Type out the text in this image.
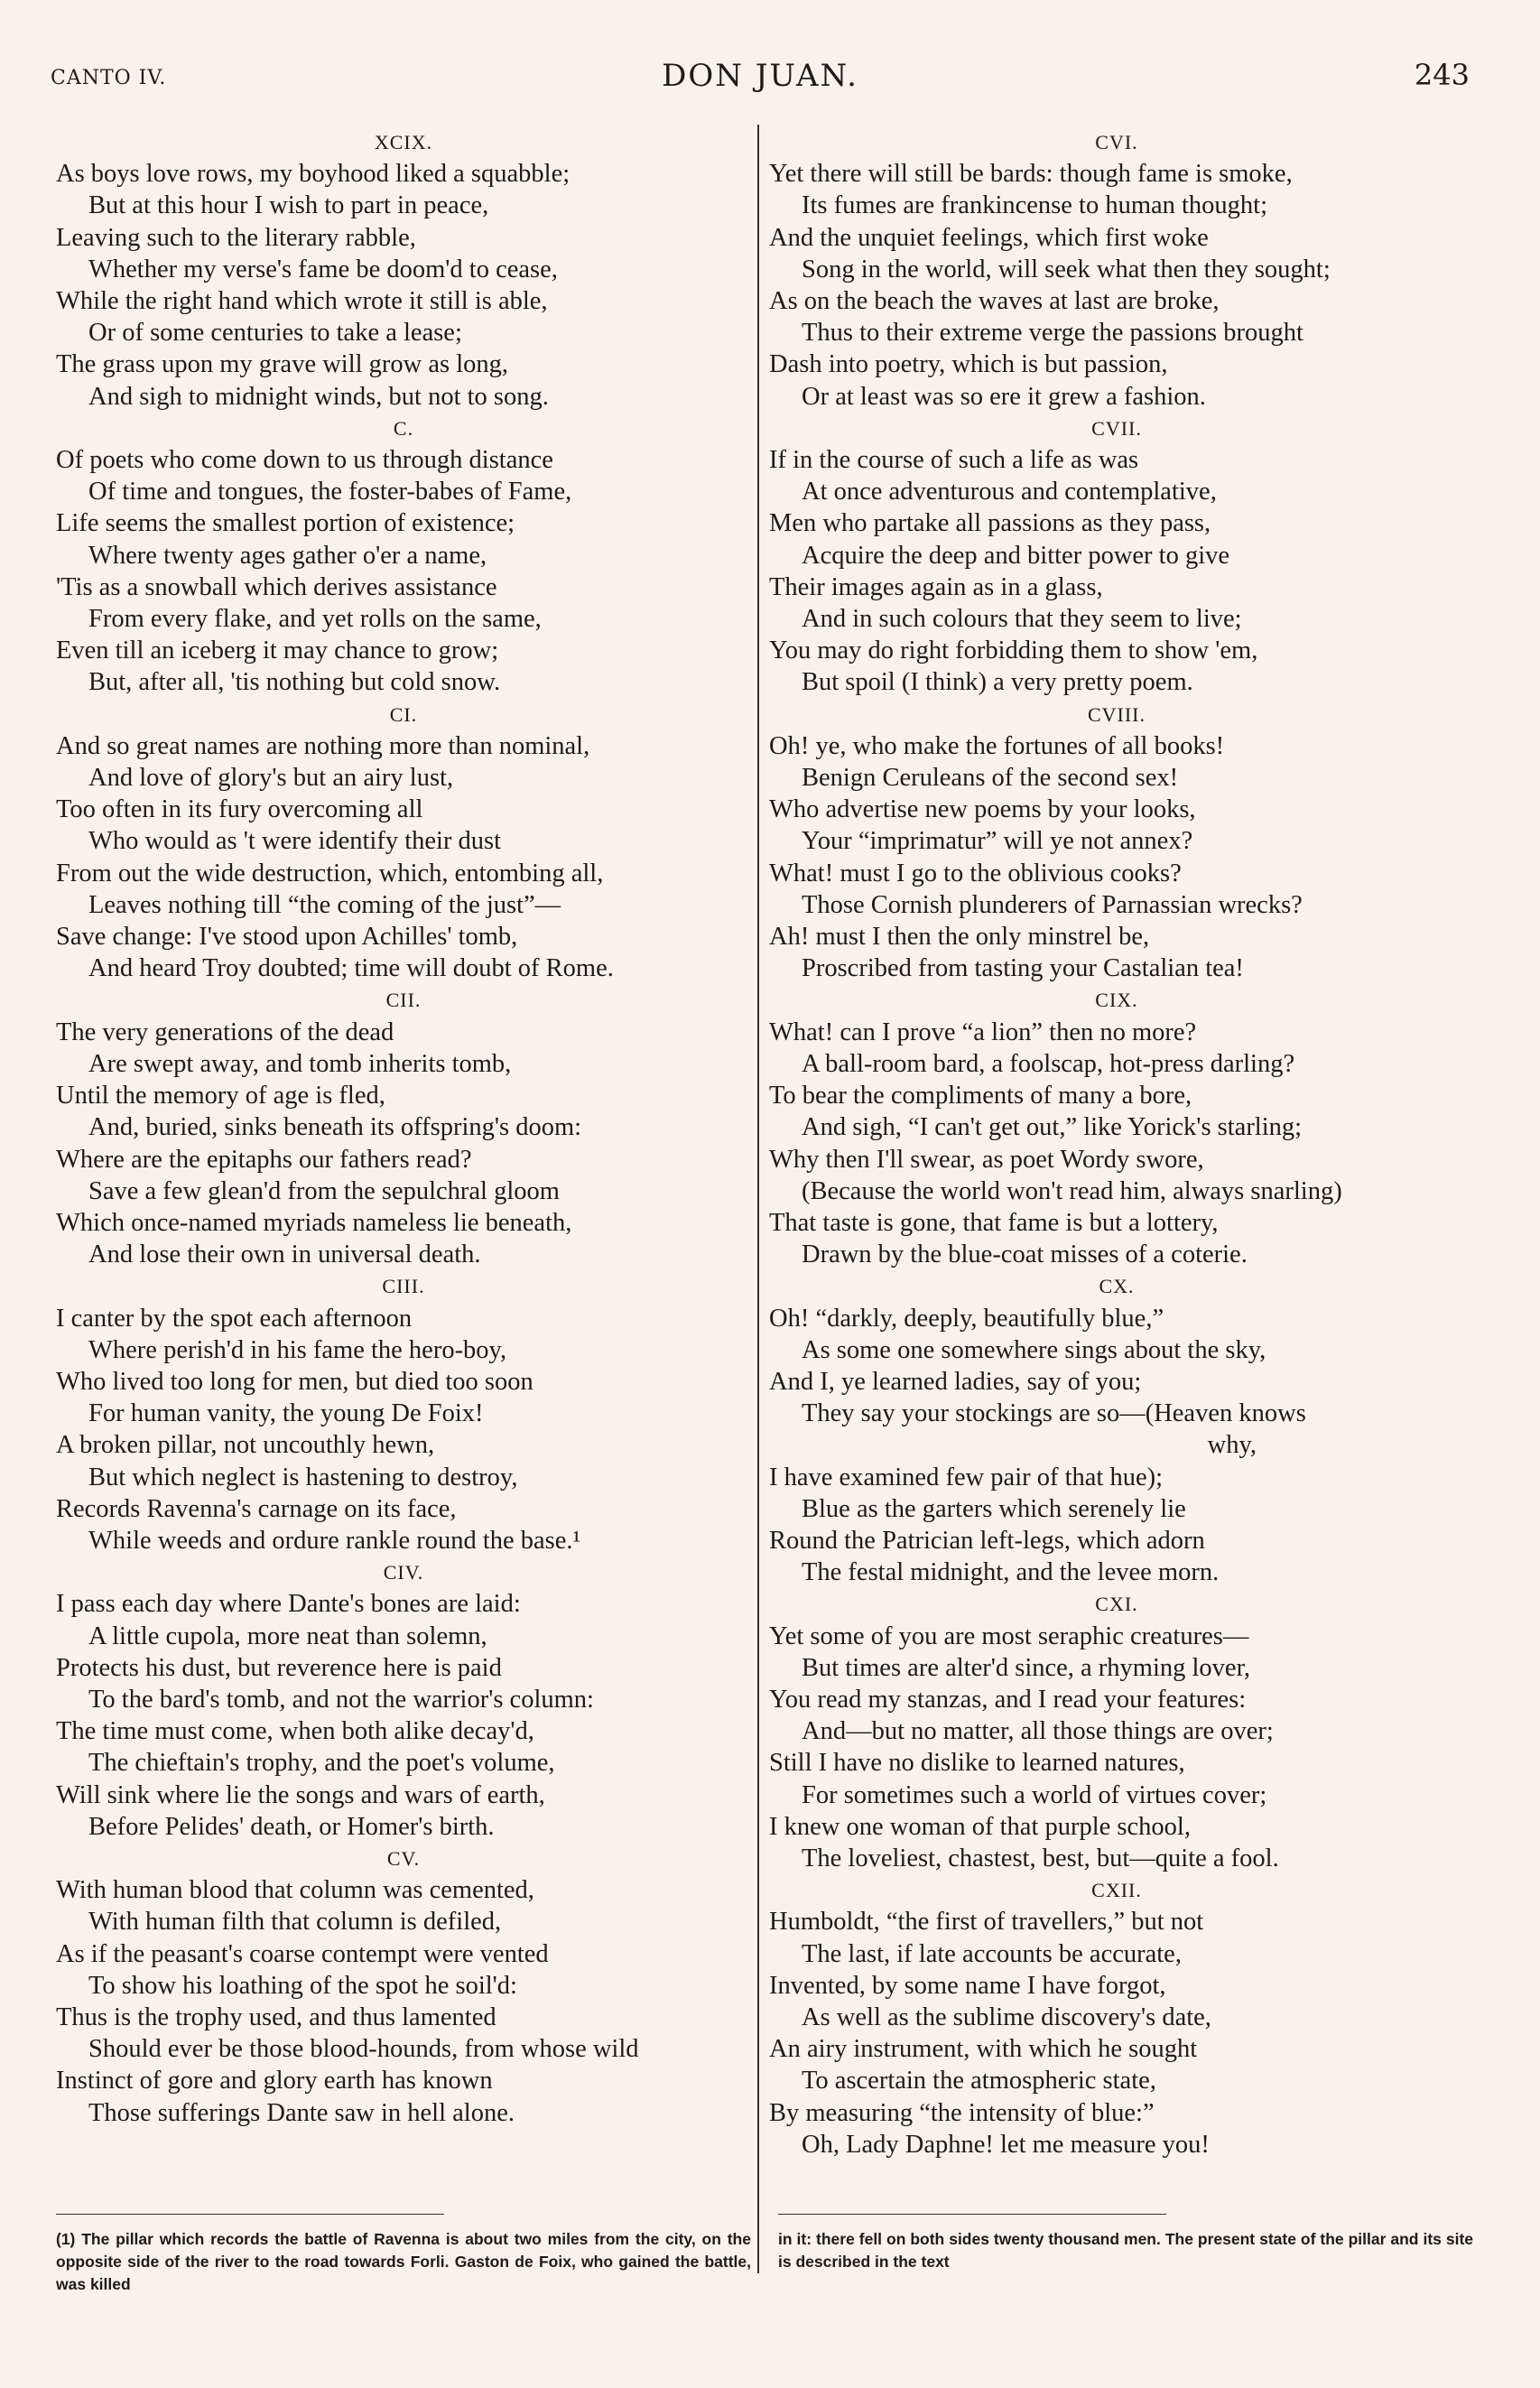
CANTO IV.	DON JUAN.	243
XCIX.
As boys love rows, my boyhood liked a squabble;
But at this hour I wish to part in peace,
Leaving such to the literary rabble,
Whether my verse's fame be doom'd to cease,
While the right hand which wrote it still is able,
Or of some centuries to take a lease;
The grass upon my grave will grow as long,
And sigh to midnight winds, but not to song.
C.
Of poets who come down to us through distance
Of time and tongues, the foster-babes of Fame,
Life seems the smallest portion of existence;
Where twenty ages gather o'er a name,
'Tis as a snowball which derives assistance
From every flake, and yet rolls on the same,
Even till an iceberg it may chance to grow;
But, after all, 'tis nothing but cold snow.
CI.
And so great names are nothing more than nominal,
And love of glory's but an airy lust,
Too often in its fury overcoming all
Who would as 't were identify their dust
From out the wide destruction, which, entombing all,
Leaves nothing till “the coming of the just”—
Save change: I've stood upon Achilles' tomb,
And heard Troy doubted; time will doubt of Rome.
CII.
The very generations of the dead
Are swept away, and tomb inherits tomb,
Until the memory of age is fled,
And, buried, sinks beneath its offspring's doom:
Where are the epitaphs our fathers read?
Save a few glean'd from the sepulchral gloom
Which once-named myriads nameless lie beneath,
And lose their own in universal death.
CIII.
I canter by the spot each afternoon
Where perish'd in his fame the hero-boy,
Who lived too long for men, but died too soon
For human vanity, the young De Foix!
A broken pillar, not uncouthly hewn,
But which neglect is hastening to destroy,
Records Ravenna's carnage on its face,
While weeds and ordure rankle round the base.¹
CIV.
I pass each day where Dante's bones are laid:
A little cupola, more neat than solemn,
Protects his dust, but reverence here is paid
To the bard's tomb, and not the warrior's column:
The time must come, when both alike decay'd,
The chieftain's trophy, and the poet's volume,
Will sink where lie the songs and wars of earth,
Before Pelides' death, or Homer's birth.
CV.
With human blood that column was cemented,
With human filth that column is defiled,
As if the peasant's coarse contempt were vented
To show his loathing of the spot he soil'd:
Thus is the trophy used, and thus lamented
Should ever be those blood-hounds, from whose wild
Instinct of gore and glory earth has known
Those sufferings Dante saw in hell alone.
CVI.
Yet there will still be bards: though fame is smoke,
Its fumes are frankincense to human thought;
And the unquiet feelings, which first woke
Song in the world, will seek what then they sought;
As on the beach the waves at last are broke,
Thus to their extreme verge the passions brought
Dash into poetry, which is but passion,
Or at least was so ere it grew a fashion.
CVII.
If in the course of such a life as was
At once adventurous and contemplative,
Men who partake all passions as they pass,
Acquire the deep and bitter power to give
Their images again as in a glass,
And in such colours that they seem to live;
You may do right forbidding them to show 'em,
But spoil (I think) a very pretty poem.
CVIII.
Oh! ye, who make the fortunes of all books!
Benign Ceruleans of the second sex!
Who advertise new poems by your looks,
Your “imprimatur” will ye not annex?
What! must I go to the oblivious cooks?
Those Cornish plunderers of Parnassian wrecks?
Ah! must I then the only minstrel be,
Proscribed from tasting your Castalian tea!
CIX.
What! can I prove “a lion” then no more?
A ball-room bard, a foolscap, hot-press darling?
To bear the compliments of many a bore,
And sigh, “I can't get out,” like Yorick's starling;
Why then I'll swear, as poet Wordy swore,
(Because the world won't read him, always snarling)
That taste is gone, that fame is but a lottery,
Drawn by the blue-coat misses of a coterie.
CX.
Oh! “darkly, deeply, beautifully blue,”
As some one somewhere sings about the sky,
And I, ye learned ladies, say of you;
They say your stockings are so—(Heaven knows
why,
I have examined few pair of that hue);
Blue as the garters which serenely lie
Round the Patrician left-legs, which adorn
The festal midnight, and the levee morn.
CXI.
Yet some of you are most seraphic creatures—
But times are alter'd since, a rhyming lover,
You read my stanzas, and I read your features:
And—but no matter, all those things are over;
Still I have no dislike to learned natures,
For sometimes such a world of virtues cover;
I knew one woman of that purple school,
The loveliest, chastest, best, but—quite a fool.
CXII.
Humboldt, “the first of travellers,” but not
The last, if late accounts be accurate,
Invented, by some name I have forgot,
As well as the sublime discovery's date,
An airy instrument, with which he sought
To ascertain the atmospheric state,
By measuring “the intensity of blue:”
Oh, Lady Daphne! let me measure you!
(1) The pillar which records the battle of Ravenna is about two miles from the city, on the opposite side of the river to the road towards Forli. Gaston de Foix, who gained the battle, was killed
in it: there fell on both sides twenty thousand men. The present state of the pillar and its site is described in the text
